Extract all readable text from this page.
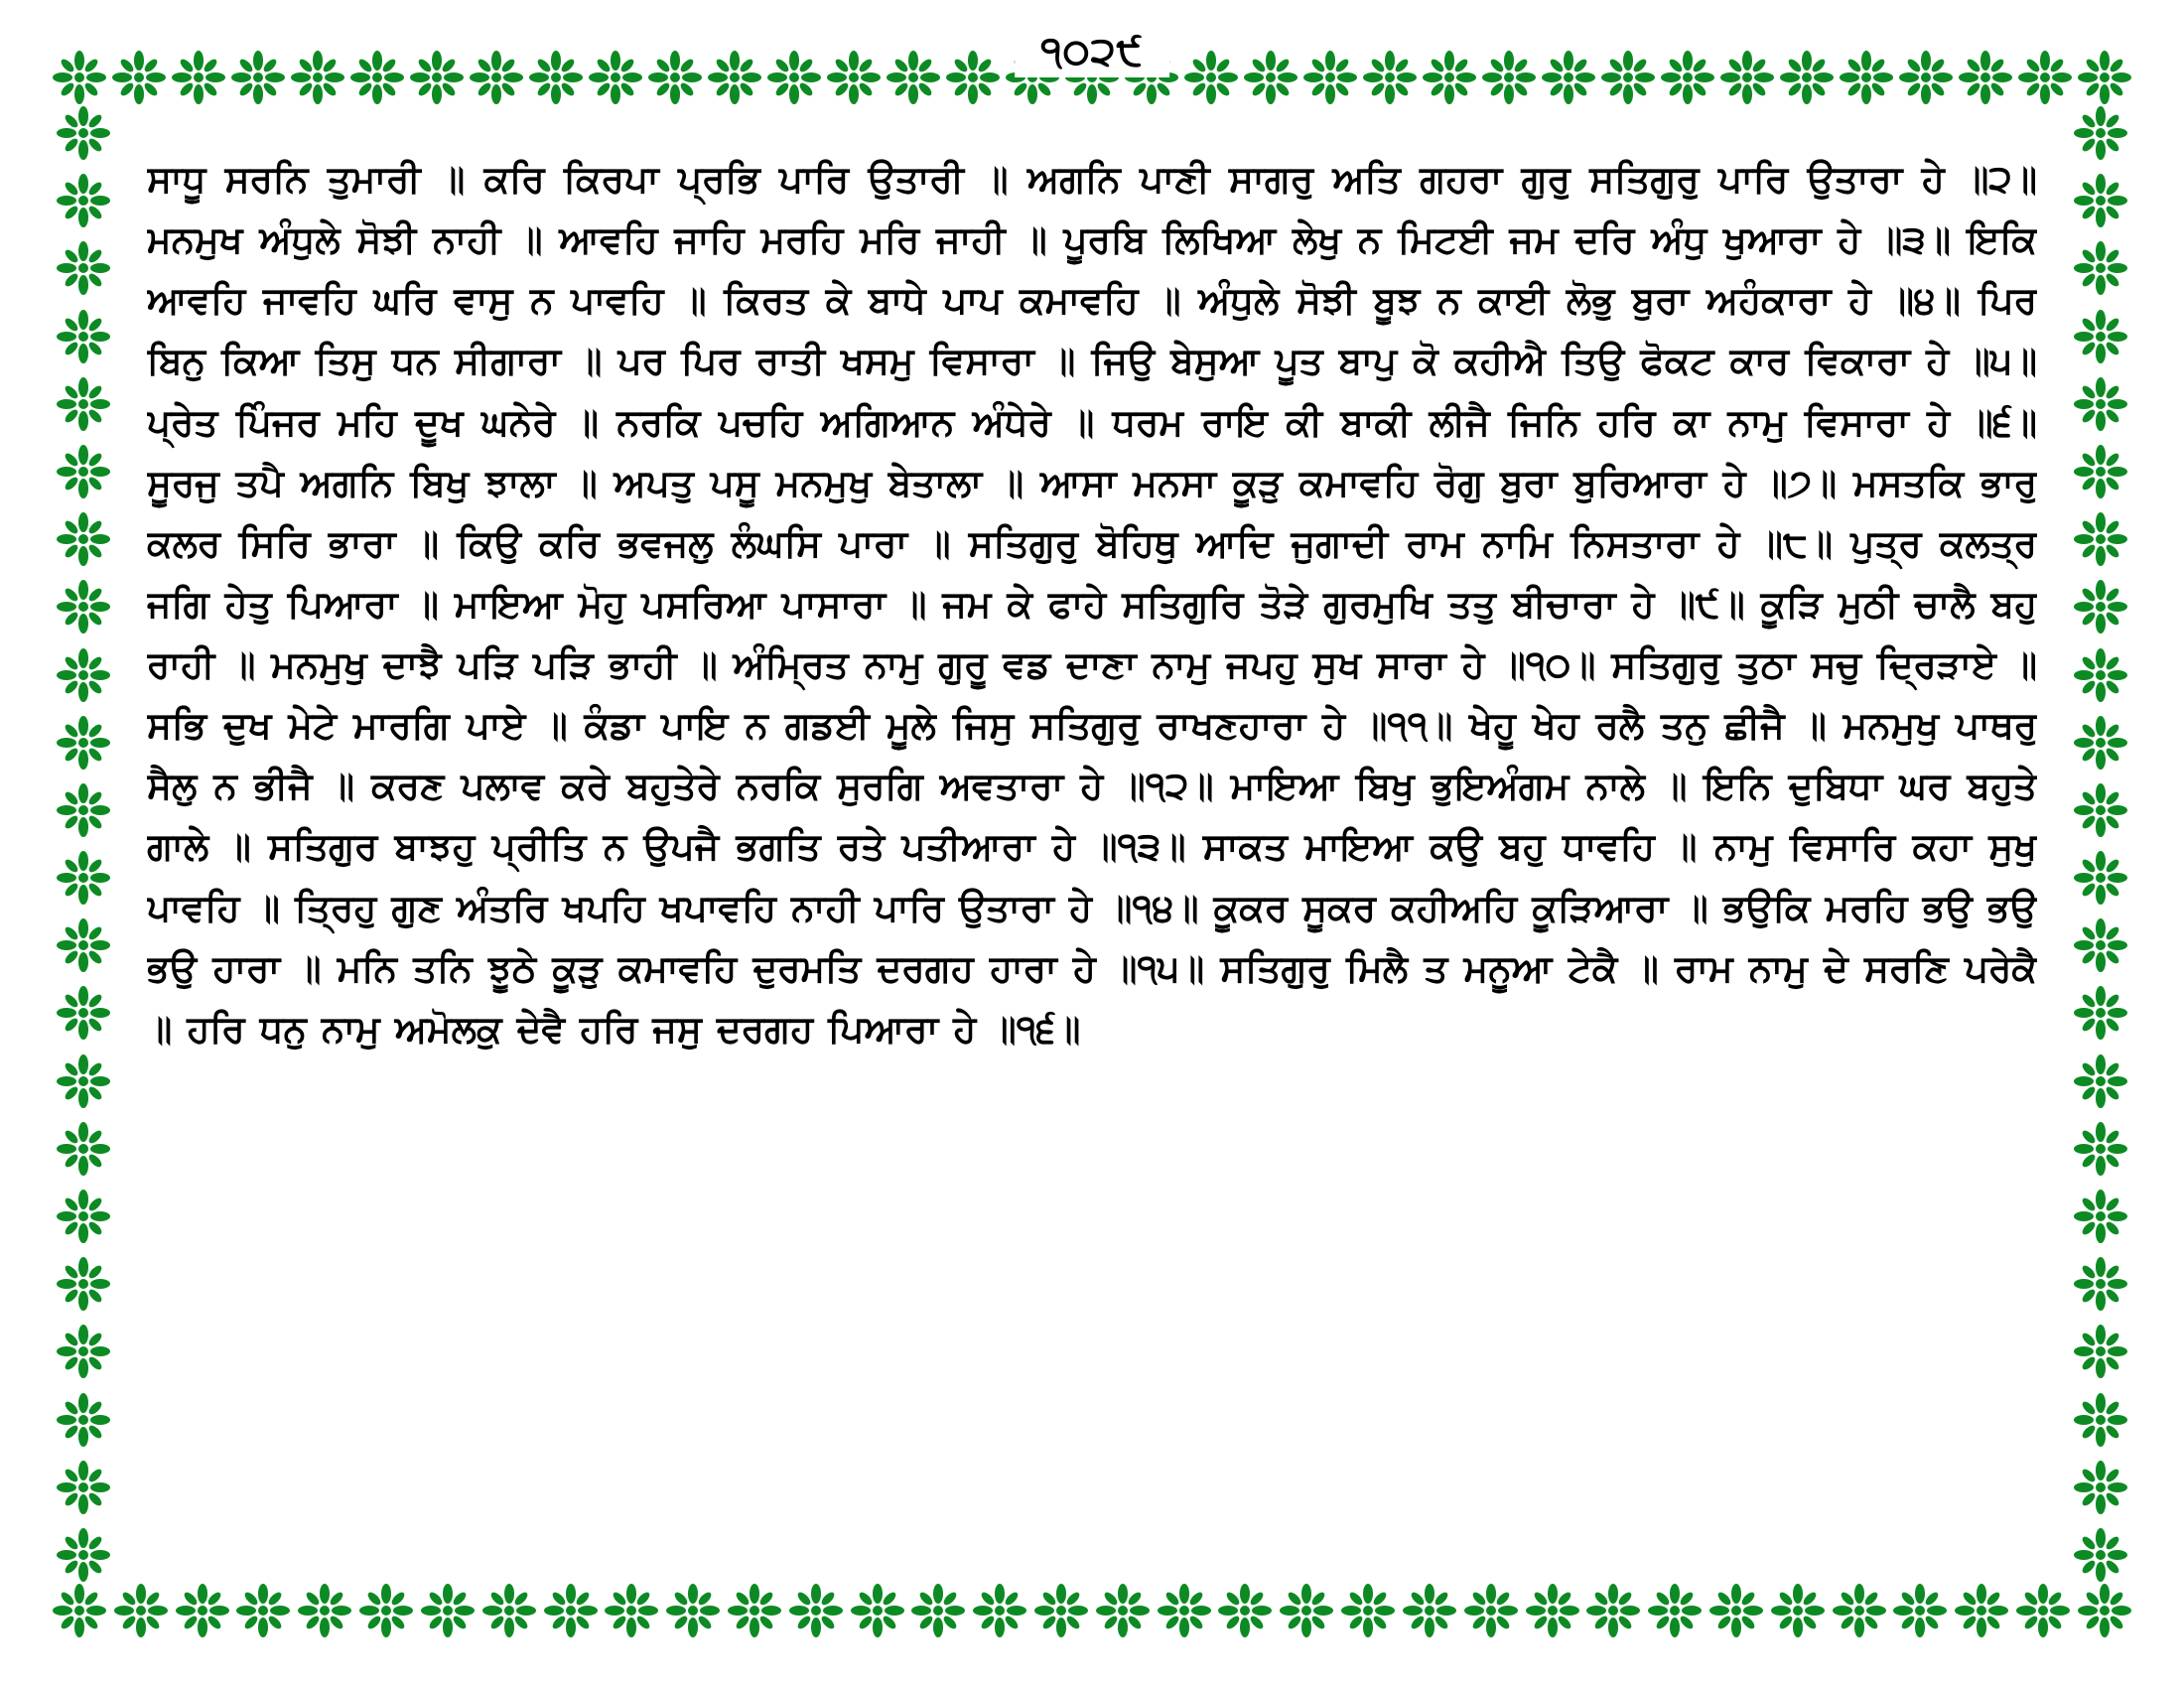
੧੦੨੯

ਸਾਧੂ ਸਰਨਿ ਤੁਮਾਰੀ ॥ ਕਰਿ ਕਿਰਪਾ ਪ੍ਰਭਿ ਪਾਰਿ ਉਤਾਰੀ ॥ ਅਗਨਿ ਪਾਣੀ ਸਾਗਰੁ ਅਤਿ ਗਹਰਾ ਗੁਰੁ ਸਤਿਗੁਰੁ ਪਾਰਿ ਉਤਾਰਾ ਹੇ ॥੨॥ ਮਨਮੁਖ ਅੰਧੁਲੇ ਸੋਝੀ ਨਾਹੀ ॥ ਆਵਹਿ ਜਾਹਿ ਮਰਹਿ ਮਰਿ ਜਾਹੀ ॥ ਪੂਰਬਿ ਲਿਖਿਆ ਲੇਖੁ ਨ ਮਿਟਈ ਜਮ ਦਰਿ ਅੰਧੁ ਖੁਆਰਾ ਹੇ ॥੩॥ ਇਕਿ ਆਵਹਿ ਜਾਵਹਿ ਘਰਿ ਵਾਸੁ ਨ ਪਾਵਹਿ ॥ ਕਿਰਤ ਕੇ ਬਾਧੇ ਪਾਪ ਕਮਾਵਹਿ ॥ ਅੰਧੁਲੇ ਸੋਝੀ ਬੂਝ ਨ ਕਾਈ ਲੋਭੁ ਬੁਰਾ ਅਹੰਕਾਰਾ ਹੇ ॥੪॥ ਪਿਰ ਬਿਨੁ ਕਿਆ ਤਿਸੁ ਧਨ ਸੀਗਾਰਾ ॥ ਪਰ ਪਿਰ ਰਾਤੀ ਖਸਮੁ ਵਿਸਾਰਾ ॥ ਜਿਉ ਬੇਸੁਆ ਪੂਤ ਬਾਪੁ ਕੋ ਕਹੀਐ ਤਿਉ ਫੋਕਟ ਕਾਰ ਵਿਕਾਰਾ ਹੇ ॥੫॥ ਪ੍ਰੇਤ ਪਿੰਜਰ ਮਹਿ ਦੂਖ ਘਨੇਰੇ ॥ ਨਰਕਿ ਪਚਹਿ ਅਗਿਆਨ ਅੰਧੇਰੇ ॥ ਧਰਮ ਰਾਇ ਕੀ ਬਾਕੀ ਲੀਜੈ ਜਿਨਿ ਹਰਿ ਕਾ ਨਾਮੁ ਵਿਸਾਰਾ ਹੇ ॥੬॥ ਸੂਰਜੁ ਤਪੈ ਅਗਨਿ ਬਿਖੁ ਝਾਲਾ ॥ ਅਪਤੁ ਪਸੂ ਮਨਮੁਖੁ ਬੇਤਾਲਾ ॥ ਆਸਾ ਮਨਸਾ ਕੂੜੁ ਕਮਾਵਹਿ ਰੋਗੁ ਬੁਰਾ ਬੁਰਿਆਰਾ ਹੇ ॥੭॥ ਮਸਤਕਿ ਭਾਰੁ ਕਲਰ ਸਿਰਿ ਭਾਰਾ ॥ ਕਿਉ ਕਰਿ ਭਵਜਲੁ ਲੰਘਸਿ ਪਾਰਾ ॥ ਸਤਿਗੁਰੁ ਬੋਹਿਥੁ ਆਦਿ ਜੁਗਾਦੀ ਰਾਮ ਨਾਮਿ ਨਿਸਤਾਰਾ ਹੇ ॥੮॥ ਪੁਤ੍ਰ ਕਲਤ੍ਰ ਜਗਿ ਹੇਤੁ ਪਿਆਰਾ ॥ ਮਾਇਆ ਮੋਹੁ ਪਸਰਿਆ ਪਾਸਾਰਾ ॥ ਜਮ ਕੇ ਫਾਹੇ ਸਤਿਗੁਰਿ ਤੋੜੇ ਗੁਰਮੁਖਿ ਤਤੁ ਬੀਚਾਰਾ ਹੇ ॥੯॥ ਕੂੜਿ ਮੁਠੀ ਚਾਲੈ ਬਹੁ ਰਾਹੀ ॥ ਮਨਮੁਖੁ ਦਾਝੈ ਪੜਿ ਪੜਿ ਭਾਹੀ ॥ ਅੰਮ੍ਰਿਤ ਨਾਮੁ ਗੁਰੂ ਵਡ ਦਾਣਾ ਨਾਮੁ ਜਪਹੁ ਸੁਖ ਸਾਰਾ ਹੇ ॥੧੦॥ ਸਤਿਗੁਰੁ ਤੁਠਾ ਸਚੁ ਦ੍ਰਿੜਾਏ ॥ ਸਭਿ ਦੁਖ ਮੇਟੇ ਮਾਰਗਿ ਪਾਏ ॥ ਕੰਡਾ ਪਾਇ ਨ ਗਡਈ ਮੂਲੇ ਜਿਸੁ ਸਤਿਗੁਰੁ ਰਾਖਣਹਾਰਾ ਹੇ ॥੧੧॥ ਖੇਹੂ ਖੇਹ ਰਲੈ ਤਨੁ ਛੀਜੈ ॥ ਮਨਮੁਖੁ ਪਾਥਰੁ ਸੈਲੁ ਨ ਭੀਜੈ ॥ ਕਰਣ ਪਲਾਵ ਕਰੇ ਬਹੁਤੇਰੇ ਨਰਕਿ ਸੁਰਗਿ ਅਵਤਾਰਾ ਹੇ ॥੧੨॥ ਮਾਇਆ ਬਿਖੁ ਭੁਇਅੰਗਮ ਨਾਲੇ ॥ ਇਨਿ ਦੁਬਿਧਾ ਘਰ ਬਹੁਤੇ ਗਾਲੇ ॥ ਸਤਿਗੁਰ ਬਾਝਹੁ ਪ੍ਰੀਤਿ ਨ ਉਪਜੈ ਭਗਤਿ ਰਤੇ ਪਤੀਆਰਾ ਹੇ ॥੧੩॥ ਸਾਕਤ ਮਾਇਆ ਕਉ ਬਹੁ ਧਾਵਹਿ ॥ ਨਾਮੁ ਵਿਸਾਰਿ ਕਹਾ ਸੁਖੁ ਪਾਵਹਿ ॥ ਤ੍ਰਿਹੁ ਗੁਣ ਅੰਤਰਿ ਖਪਹਿ ਖਪਾਵਹਿ ਨਾਹੀ ਪਾਰਿ ਉਤਾਰਾ ਹੇ ॥੧੪॥ ਕੂਕਰ ਸੂਕਰ ਕਹੀਅਹਿ ਕੂੜਿਆਰਾ ॥ ਭਉਕਿ ਮਰਹਿ ਭਉ ਭਉ ਭਉ ਹਾਰਾ ॥ ਮਨਿ ਤਨਿ ਝੂਠੇ ਕੂੜੁ ਕਮਾਵਹਿ ਦੁਰਮਤਿ ਦਰਗਹ ਹਾਰਾ ਹੇ ॥੧੫॥ ਸਤਿਗੁਰੁ ਮਿਲੈ ਤ ਮਨੂਆ ਟੇਕੈ ॥ ਰਾਮ ਨਾਮੁ ਦੇ ਸਰਣਿ ਪਰੇਕੈ ॥ ਹਰਿ ਧਨੁ ਨਾਮੁ ਅਮੋਲਕੁ ਦੇਵੈ ਹਰਿ ਜਸੁ ਦਰਗਹ ਪਿਆਰਾ ਹੇ ॥੧੬॥
